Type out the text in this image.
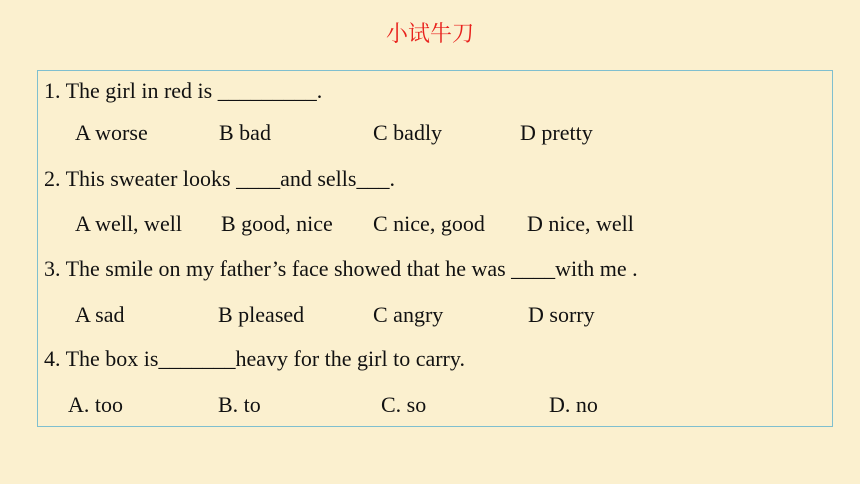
小试牛刀
1. The girl in red is _________.
A worse	B bad	C badly	D pretty
2. This sweater looks ____and sells___.
A well, well B good, nice C nice, good D nice, well
3. The smile on my father’s face showed that he was ____with me .
A sad	B pleased	C angry	D sorry
4. The box is_______heavy for the girl to carry.
A. too	B. to	C. so	D. no
